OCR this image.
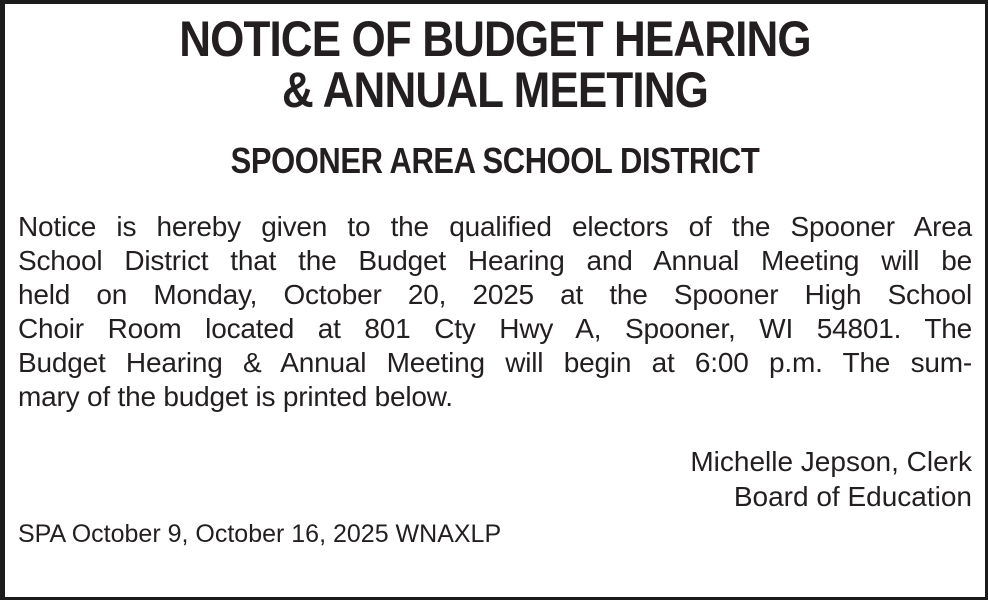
NOTICE OF BUDGET HEARING
& ANNUAL MEETING
SPOONER AREA SCHOOL DISTRICT
Notice is hereby given to the qualified electors of the Spooner Area
School District that the Budget Hearing and Annual Meeting will be
held on Monday, October 20, 2025 at the Spooner High School
Choir Room located at 801 Cty Hwy A, Spooner, WI 54801. The
Budget Hearing & Annual Meeting will begin at 6:00 p.m. The sum-
mary of the budget is printed below.
Michelle Jepson, Clerk
Board of Education
SPA October 9, October 16, 2025 WNAXLP
